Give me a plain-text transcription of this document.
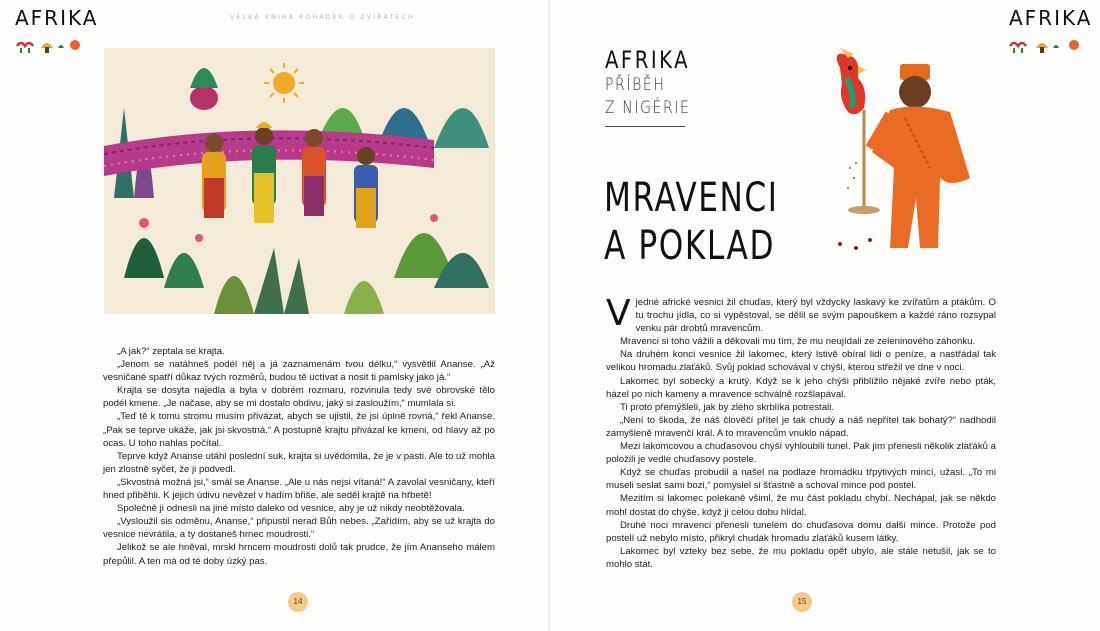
AFRIKA	VELKÁ KNIHA POHÁDEK O ZVÍŘÁTECH

„A jak?“ zeptala se krajta.

„Jenom se natáhneš podél něj a já zaznamenám tvou délku,“ vysvětlil Ananse. „Až vesničané spatří důkaz tvých rozměrů, budou tě uctívat a nosit ti pamlsky jako já.“

Krajta se dosyta najedla a byla v dobrém rozmaru, rozvinula tedy své obrovské tělo podél kmene. „Je načase, aby se mi dostalo obdivu, jaký si zasloužím,“ mumlala si.

„Teď tě k tomu stromu musím přivázat, abych se ujistil, že jsi úplně rovná,“ řekl Ananse. „Pak se teprve ukáže, jak jsi skvostná.“ A postupně krajtu přivázal ke kmeni, od hlavy až po ocas. U toho nahlas počítal.

Teprve když Ananse utáhl poslední suk, krajta si uvědomila, že je v pasti. Ale to už mohla jen zlostně syčet, že ji podvedl.

„Skvostná možná jsi,“ smál se Ananse. „Ale u nás nejsi vítaná!“ A zavolal vesničany, kteří hned přiběhli. K jejich údivu nevězel v hadím břiše, ale seděl krajtě na hřbetě!

Společně ji odnesli na jiné místo daleko od vesnice, aby je už nikdy neobtěžovala.

„Vysloužil sis odměnu, Ananse,“ připustil nerad Bůh nebes. „Zařídím, aby se už krajta do vesnice nevrátila, a ty dostaneš hrnec moudrosti.“

Jelikož se ale hněval, mrskl hrncem moudrosti dolů tak prudce, že jím Ananseho málem přepůlil. A ten má od té doby úzký pas.

14
AFRIKA
AFRIKA
PŘÍBĚH
Z NIGÉRIE
MRAVENCI
A POKLAD

Vjedné africké vesnici žil chuďas, který byl vždycky laskavý ke zvířatům a ptákům. O tu trochu jídla, co si vypěstoval, se dělil se svým papouškem a každé ráno rozsypal venku pár drobtů mravencům.

Mravenci si toho vážili a děkovali mu tím, že mu neujídali ze zeleninového záhonku.

Na druhém konci vesnice žil lakomec, který lstivě obíral lidi o peníze, a nastřádal tak velikou hromadu zlaťáků. Svůj poklad schovával v chýši, kterou střežil ve dne v noci.

Lakomec byl sobecký a krutý. Když se k jeho chýši přiblížilo nějaké zvíře nebo pták, házel po nich kameny a mravence schválně rozšlapával.

Ti proto přemýšleli, jak by zlého skrblíka potrestali.

„Není to škoda, že náš člověčí přítel je tak chudý a náš nepřítel tak bohatý?“ nadhodil zamyšleně mravenčí král. A to mravencům vnuklo nápad.

Mezi lakomcovou a chuďasovou chýší vyhloubili tunel. Pak jím přenesli několik zlaťáků a položili je vedle chuďasovy postele.

Když se chuďas probudil a našel na podlaze hromádku třpytivých mincí, užasl. „To mi museli seslat sami bozi,“ pomyslel si šťastně a schoval mince pod postel.

Mezitím si lakomec polekaně všiml, že mu část pokladu chybí. Nechápal, jak se někdo mohl dostat do chýše, když ji celou dobu hlídal.

Druhé noci mravenci přenesli tunelem do chuďasova domu další mince. Protože pod postelí už nebylo místo, přikryl chudák hromadu zlaťáků kusem látky.

Lakomec byl vzteky bez sebe, že mu pokladu opět ubylo, ale stále netušil, jak se to mohlo stát.

15
